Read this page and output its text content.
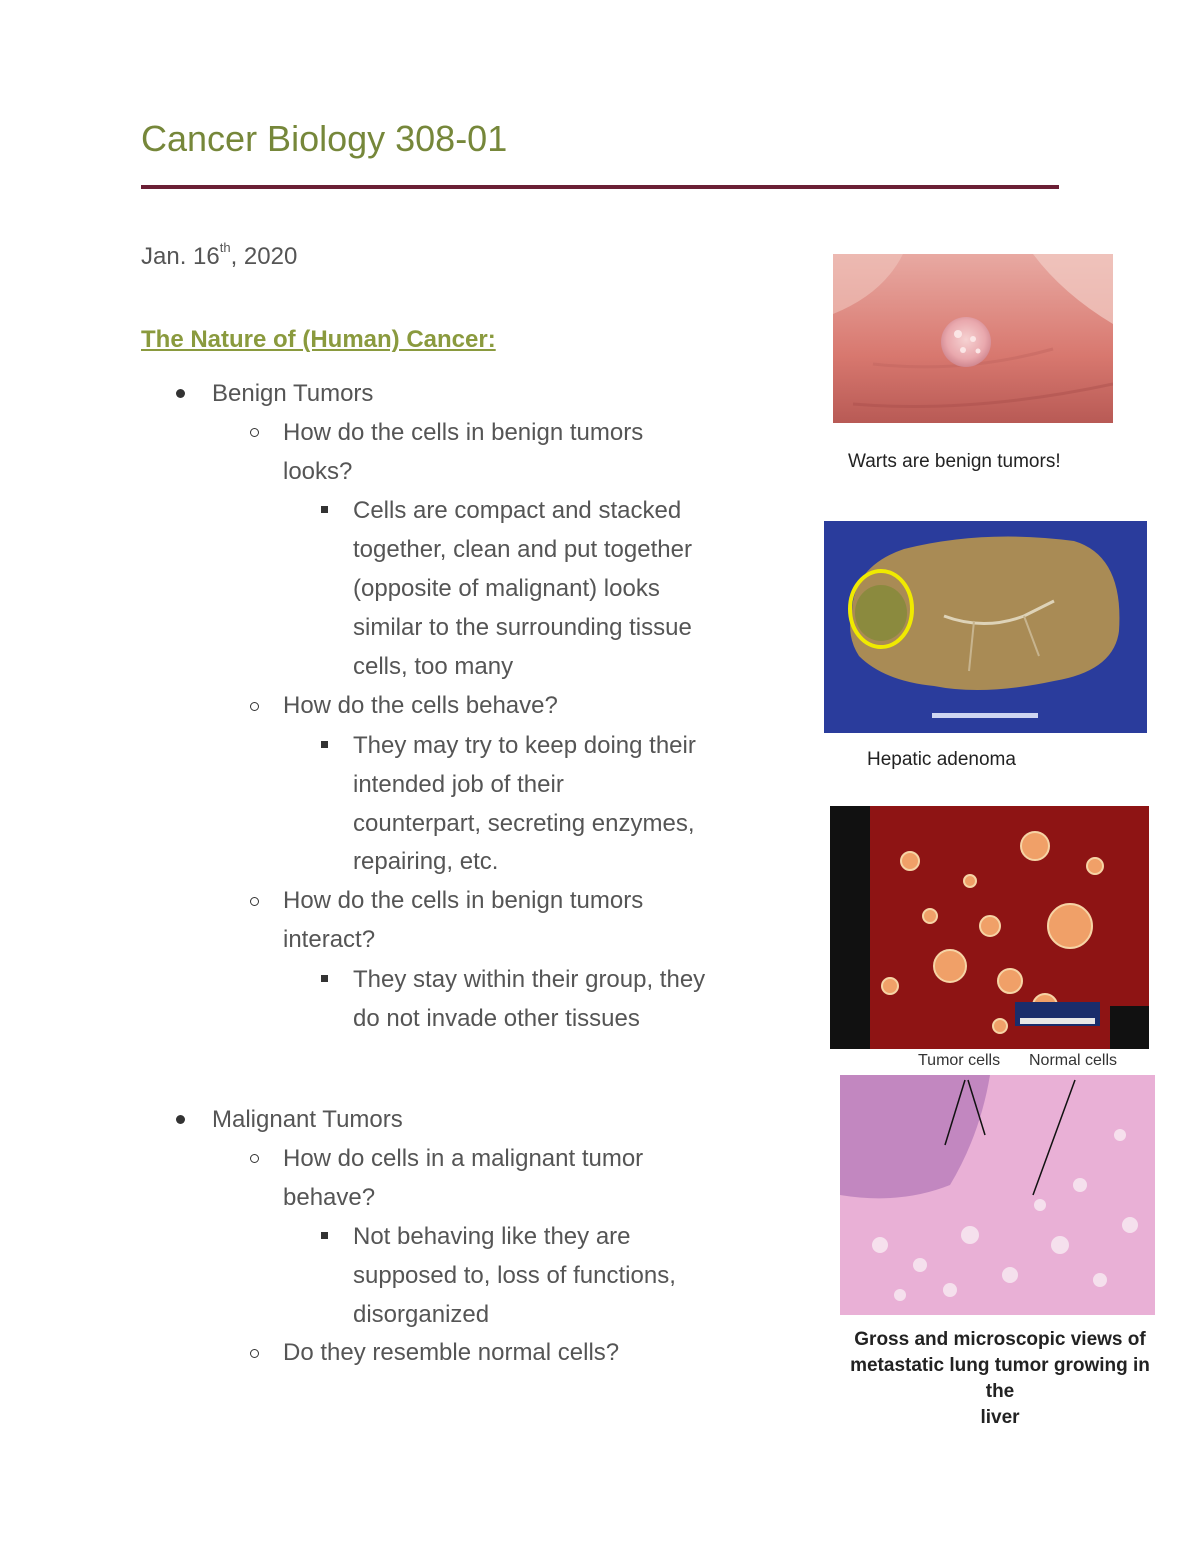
Cancer Biology 308-01
Jan. 16th, 2020
The Nature of (Human) Cancer:
Benign Tumors
How do the cells in benign tumors
looks?
Cells are compact and stacked
together, clean and put together
(opposite of malignant) looks
similar to the surrounding tissue
cells, too many
How do the cells behave?
They may try to keep doing their
intended job of their
counterpart, secreting enzymes,
repairing, etc.
How do the cells in benign tumors
interact?
They stay within their group, they
do not invade other tissues
Malignant Tumors
How do cells in a malignant tumor
behave?
Not behaving like they are
supposed to, loss of functions,
disorganized
Do they resemble normal cells?
Warts are benign tumors!
Hepatic adenoma
Tumor cells Normal cells
Gross and microscopic views of
metastatic lung tumor growing in the
liver
